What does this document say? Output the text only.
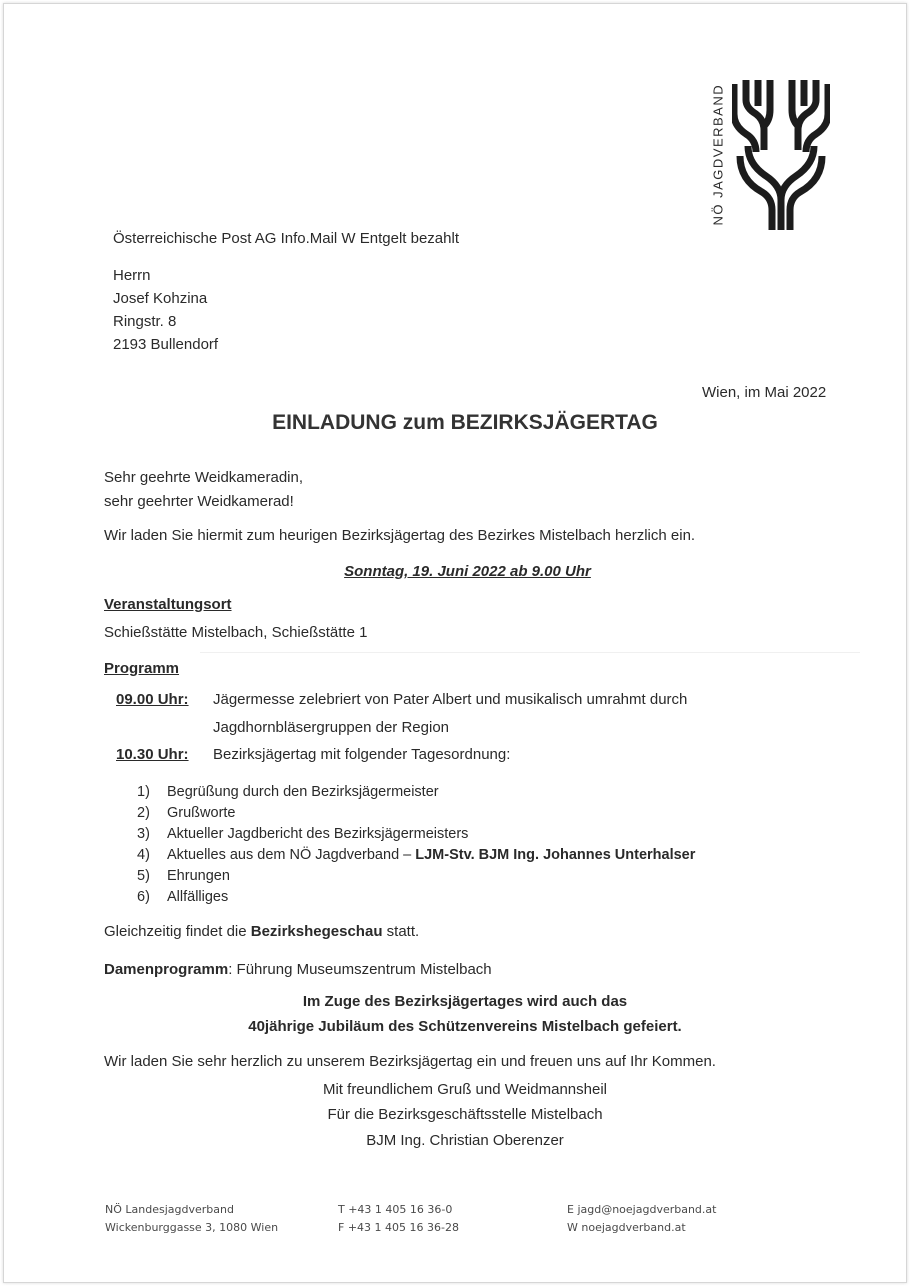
NÖ JAGDVERBAND
Österreichische Post AG Info.Mail W Entgelt bezahlt
Herrn
Josef Kohzina
Ringstr. 8
2193 Bullendorf
Wien, im Mai 2022
EINLADUNG zum BEZIRKSJÄGERTAG
Sehr geehrte Weidkameradin,
sehr geehrter Weidkamerad!
Wir laden Sie hiermit zum heurigen Bezirksjägertag des Bezirkes Mistelbach herzlich ein.
Sonntag, 19. Juni 2022 ab 9.00 Uhr
Veranstaltungsort
Schießstätte Mistelbach, Schießstätte 1
Programm
09.00 Uhr: Jägermesse zelebriert von Pater Albert und musikalisch umrahmt durch
Jagdhornbläsergruppen der Region
10.30 Uhr: Bezirksjägertag mit folgender Tagesordnung:
1) Begrüßung durch den Bezirksjägermeister
2) Grußworte
3) Aktueller Jagdbericht des Bezirksjägermeisters
4) Aktuelles aus dem NÖ Jagdverband – LJM-Stv. BJM Ing. Johannes Unterhalser
5) Ehrungen
6) Allfälliges
Gleichzeitig findet die Bezirkshegeschau statt.
Damenprogramm: Führung Museumszentrum Mistelbach
Im Zuge des Bezirksjägertages wird auch das
40jährige Jubiläum des Schützenvereins Mistelbach gefeiert.
Wir laden Sie sehr herzlich zu unserem Bezirksjägertag ein und freuen uns auf Ihr Kommen.
Mit freundlichem Gruß und Weidmannsheil
Für die Bezirksgeschäftsstelle Mistelbach
BJM Ing. Christian Oberenzer
NÖ Landesjagdverband
Wickenburggasse 3, 1080 Wien
T +43 1 405 16 36-0
F +43 1 405 16 36-28
E jagd@noejagdverband.at
W noejagdverband.at
